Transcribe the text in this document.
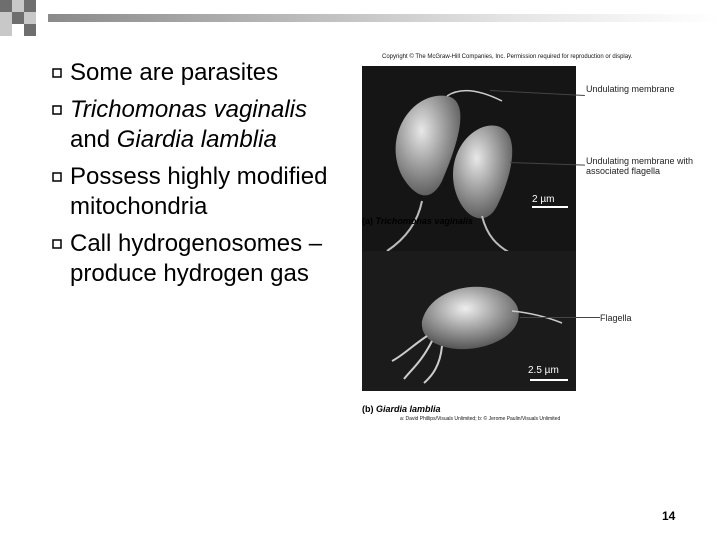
Some are parasites
Trichomonas vaginalis and Giardia lamblia
Possess highly modified mitochondria
Call hydrogenosomes – produce hydrogen gas
Copyright © The McGraw-Hill Companies, Inc. Permission required for reproduction or display.
2 µm
Undulating membrane
Undulating membrane with associated flagella
(a) Trichomonas vaginalis
2.5 µm
Flagella
(b) Giardia lamblia
a: David Phillips/Visuals Unlimited; b: © Jerome Paulin/Visuals Unlimited
14
